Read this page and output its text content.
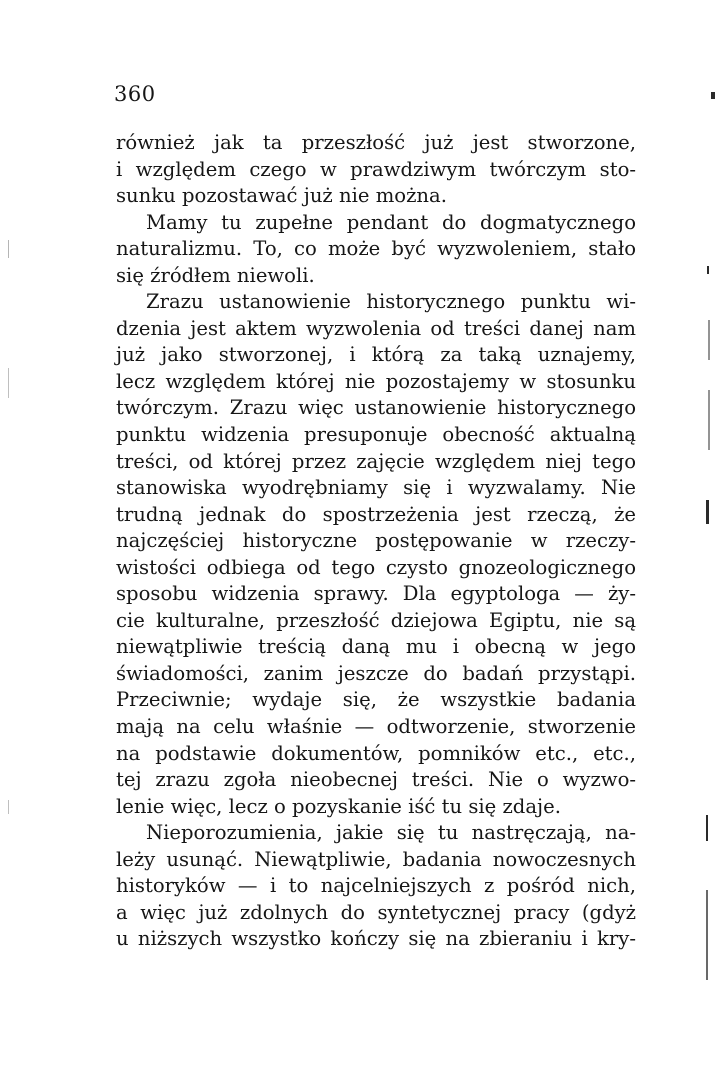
360
również jak ta przeszłość już jest stworzone,
i względem czego w prawdziwym twórczym sto-
sunku pozostawać już nie można.
Mamy tu zupełne pendant do dogmatycznego
naturalizmu. To, co może być wyzwoleniem, stało
się źródłem niewoli.
Zrazu ustanowienie historycznego punktu wi-
dzenia jest aktem wyzwolenia od treści danej nam
już jako stworzonej, i którą za taką uznajemy,
lecz względem której nie pozostajemy w stosunku
twórczym. Zrazu więc ustanowienie historycznego
punktu widzenia presuponuje obecność aktualną
treści, od której przez zajęcie względem niej tego
stanowiska wyodrębniamy się i wyzwalamy. Nie
trudną jednak do spostrzeżenia jest rzeczą, że
najczęściej historyczne postępowanie w rzeczy-
wistości odbiega od tego czysto gnozeologicznego
sposobu widzenia sprawy. Dla egyptologa — ży-
cie kulturalne, przeszłość dziejowa Egiptu, nie są
niewątpliwie treścią daną mu i obecną w jego
świadomości, zanim jeszcze do badań przystąpi.
Przeciwnie; wydaje się, że wszystkie badania
mają na celu właśnie — odtworzenie, stworzenie
na podstawie dokumentów, pomników etc., etc.,
tej zrazu zgoła nieobecnej treści. Nie o wyzwo-
lenie więc, lecz o pozyskanie iść tu się zdaje.
Nieporozumienia, jakie się tu nastręczają, na-
leży usunąć. Niewątpliwie, badania nowoczesnych
historyków — i to najcelniejszych z pośród nich,
a więc już zdolnych do syntetycznej pracy (gdyż
u niższych wszystko kończy się na zbieraniu i kry-
